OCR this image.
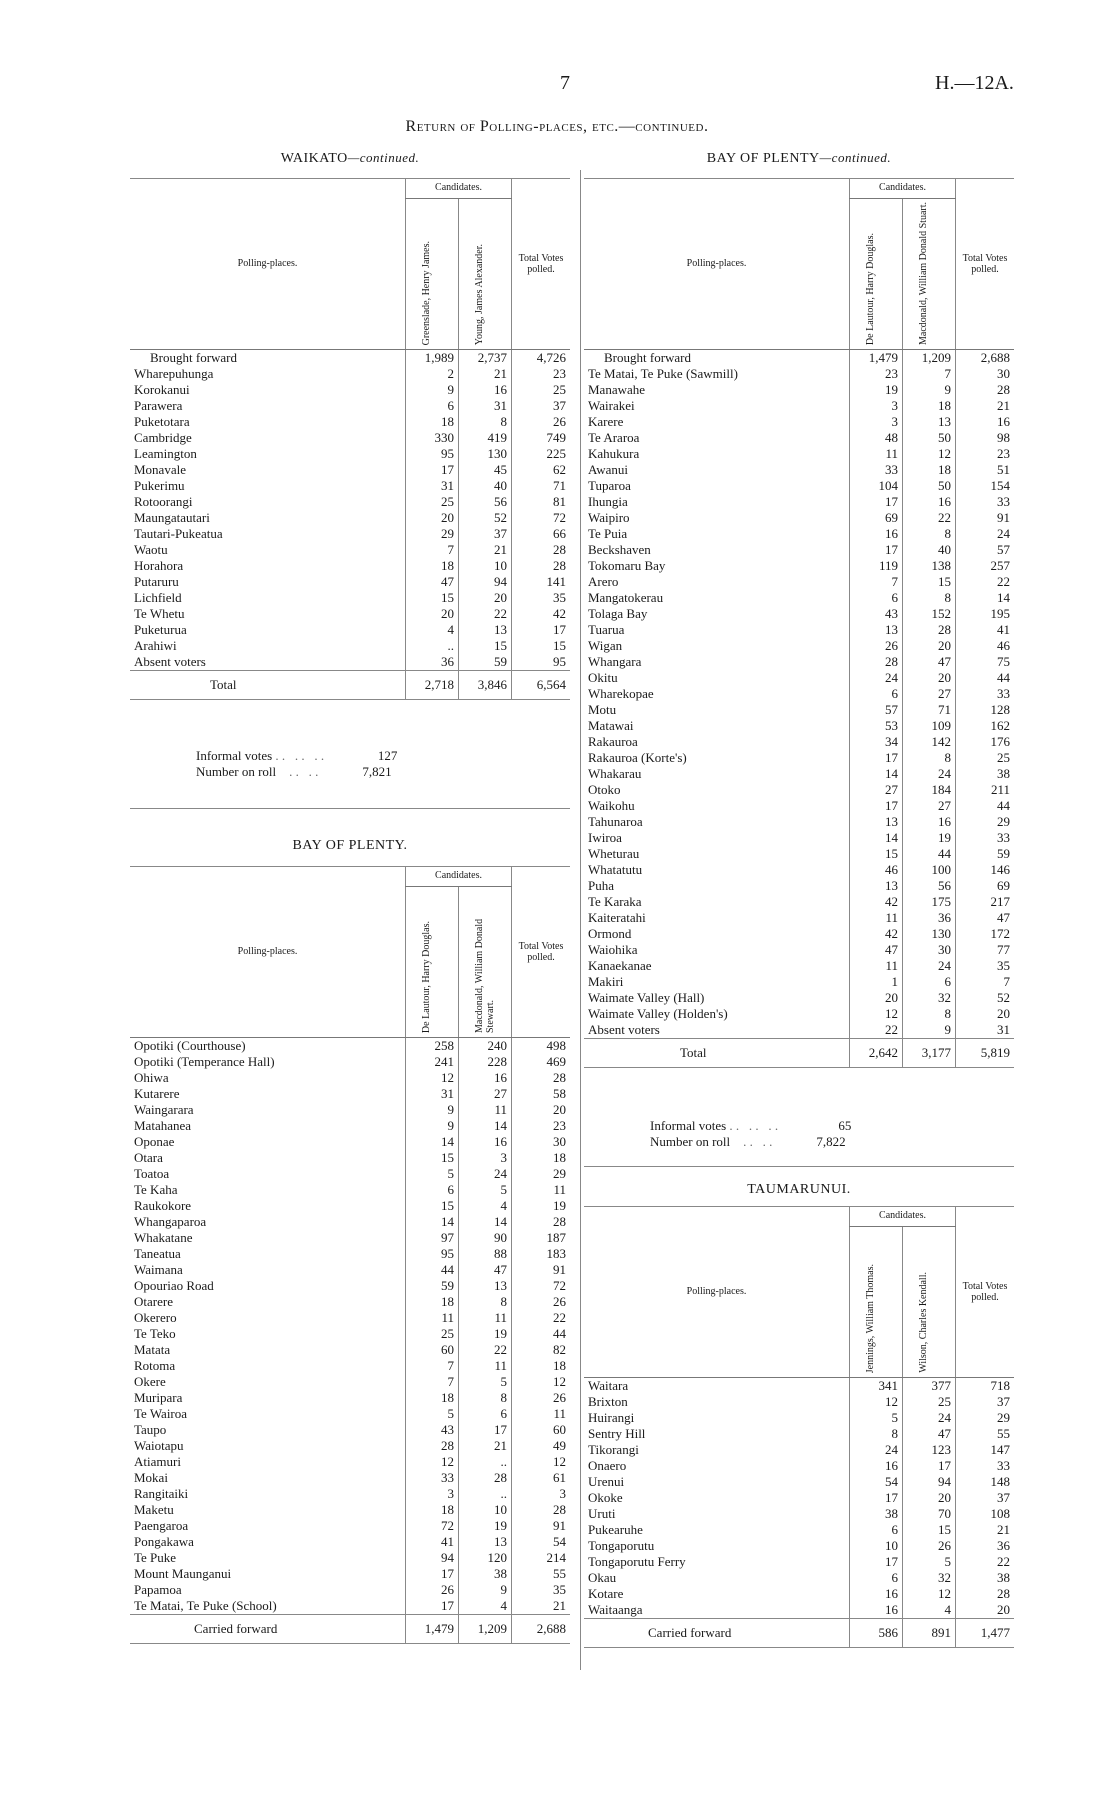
7	H.—12A.
Return of Polling-places, etc.—continued.
WAIKATO—continued.
Polling-places.	Candidates.		Total Votes polled.

	Greenslade, Henry James.	Young, James Alexander.	

Brought forward	1,989	2,737	4,726
Wharepuhunga	2	21	23
Korokanui	9	16	25
Parawera	6	31	37
Puketotara	18	8	26
Cambridge	330	419	749
Leamington	95	130	225
Monavale	17	45	62
Pukerimu	31	40	71
Rotoorangi	25	56	81
Maungatautari	20	52	72
Tautari-Pukeatua	29	37	66
Waotu	7	21	28
Horahora	18	10	28
Putaruru	47	94	141
Lichfield	15	20	35
Te Whetu	20	22	42
Puketurua	4	13	17
Arahiwi	..	15	15
Absent voters	36	59	95
Total	2,718	3,846	6,564
Informal votes . .   . .   . .	127
Number on roll    . .   . .	7,821
BAY OF PLENTY.
Polling-places.	Candidates.		Total Votes polled.

	De Lautour, Harry Douglas.	Macdonald, William Donald Stewart.	

Opotiki (Courthouse)	258	240	498
Opotiki (Temperance Hall)	241	228	469
Ohiwa	12	16	28
Kutarere	31	27	58
Waingarara	9	11	20
Matahanea	9	14	23
Oponae	14	16	30
Otara	15	3	18
Toatoa	5	24	29
Te Kaha	6	5	11
Raukokore	15	4	19
Whangaparoa	14	14	28
Whakatane	97	90	187
Taneatua	95	88	183
Waimana	44	47	91
Opouriao Road	59	13	72
Otarere	18	8	26
Okerero	11	11	22
Te Teko	25	19	44
Matata	60	22	82
Rotoma	7	11	18
Okere	7	5	12
Muripara	18	8	26
Te Wairoa	5	6	11
Taupo	43	17	60
Waiotapu	28	21	49
Atiamuri	12	..	12
Mokai	33	28	61
Rangitaiki	3	..	3
Maketu	18	10	28
Paengaroa	72	19	91
Pongakawa	41	13	54
Te Puke	94	120	214
Mount Maunganui	17	38	55
Papamoa	26	9	35
Te Matai, Te Puke (School)	17	4	21
Carried forward	1,479	1,209	2,688
BAY OF PLENTY—continued.
Polling-places.	Candidates.		Total Votes polled.

	De Lautour, Harry Douglas.	Macdonald, William Donald Stuart.	

Brought forward	1,479	1,209	2,688
Te Matai, Te Puke (Sawmill)	23	7	30
Manawahe	19	9	28
Wairakei	3	18	21
Karere	3	13	16
Te Araroa	48	50	98
Kahukura	11	12	23
Awanui	33	18	51
Tuparoa	104	50	154
Ihungia	17	16	33
Waipiro	69	22	91
Te Puia	16	8	24
Beckshaven	17	40	57
Tokomaru Bay	119	138	257
Arero	7	15	22
Mangatokerau	6	8	14
Tolaga Bay	43	152	195
Tuarua	13	28	41
Wigan	26	20	46
Whangara	28	47	75
Okitu	24	20	44
Wharekopae	6	27	33
Motu	57	71	128
Matawai	53	109	162
Rakauroa	34	142	176
Rakauroa (Korte's)	17	8	25
Whakarau	14	24	38
Otoko	27	184	211
Waikohu	17	27	44
Tahunaroa	13	16	29
Iwiroa	14	19	33
Wheturau	15	44	59
Whatatutu	46	100	146
Puha	13	56	69
Te Karaka	42	175	217
Kaiteratahi	11	36	47
Ormond	42	130	172
Waiohika	47	30	77
Kanaekanae	11	24	35
Makiri	1	6	7
Waimate Valley (Hall)	20	32	52
Waimate Valley (Holden's)	12	8	20
Absent voters	22	9	31
Total	2,642	3,177	5,819
Informal votes . .   . .   . .	65
Number on roll    . .   . .	7,822
TAUMARUNUI.
Polling-places.	Candidates.		Total Votes polled.

	Jennings, William Thomas.	Wilson, Charles Kendall.	

Waitara	341	377	718
Brixton	12	25	37
Huirangi	5	24	29
Sentry Hill	8	47	55
Tikorangi	24	123	147
Onaero	16	17	33
Urenui	54	94	148
Okoke	17	20	37
Uruti	38	70	108
Pukearuhe	6	15	21
Tongaporutu	10	26	36
Tongaporutu Ferry	17	5	22
Okau	6	32	38
Kotare	16	12	28
Waitaanga	16	4	20
Carried forward	586	891	1,477
